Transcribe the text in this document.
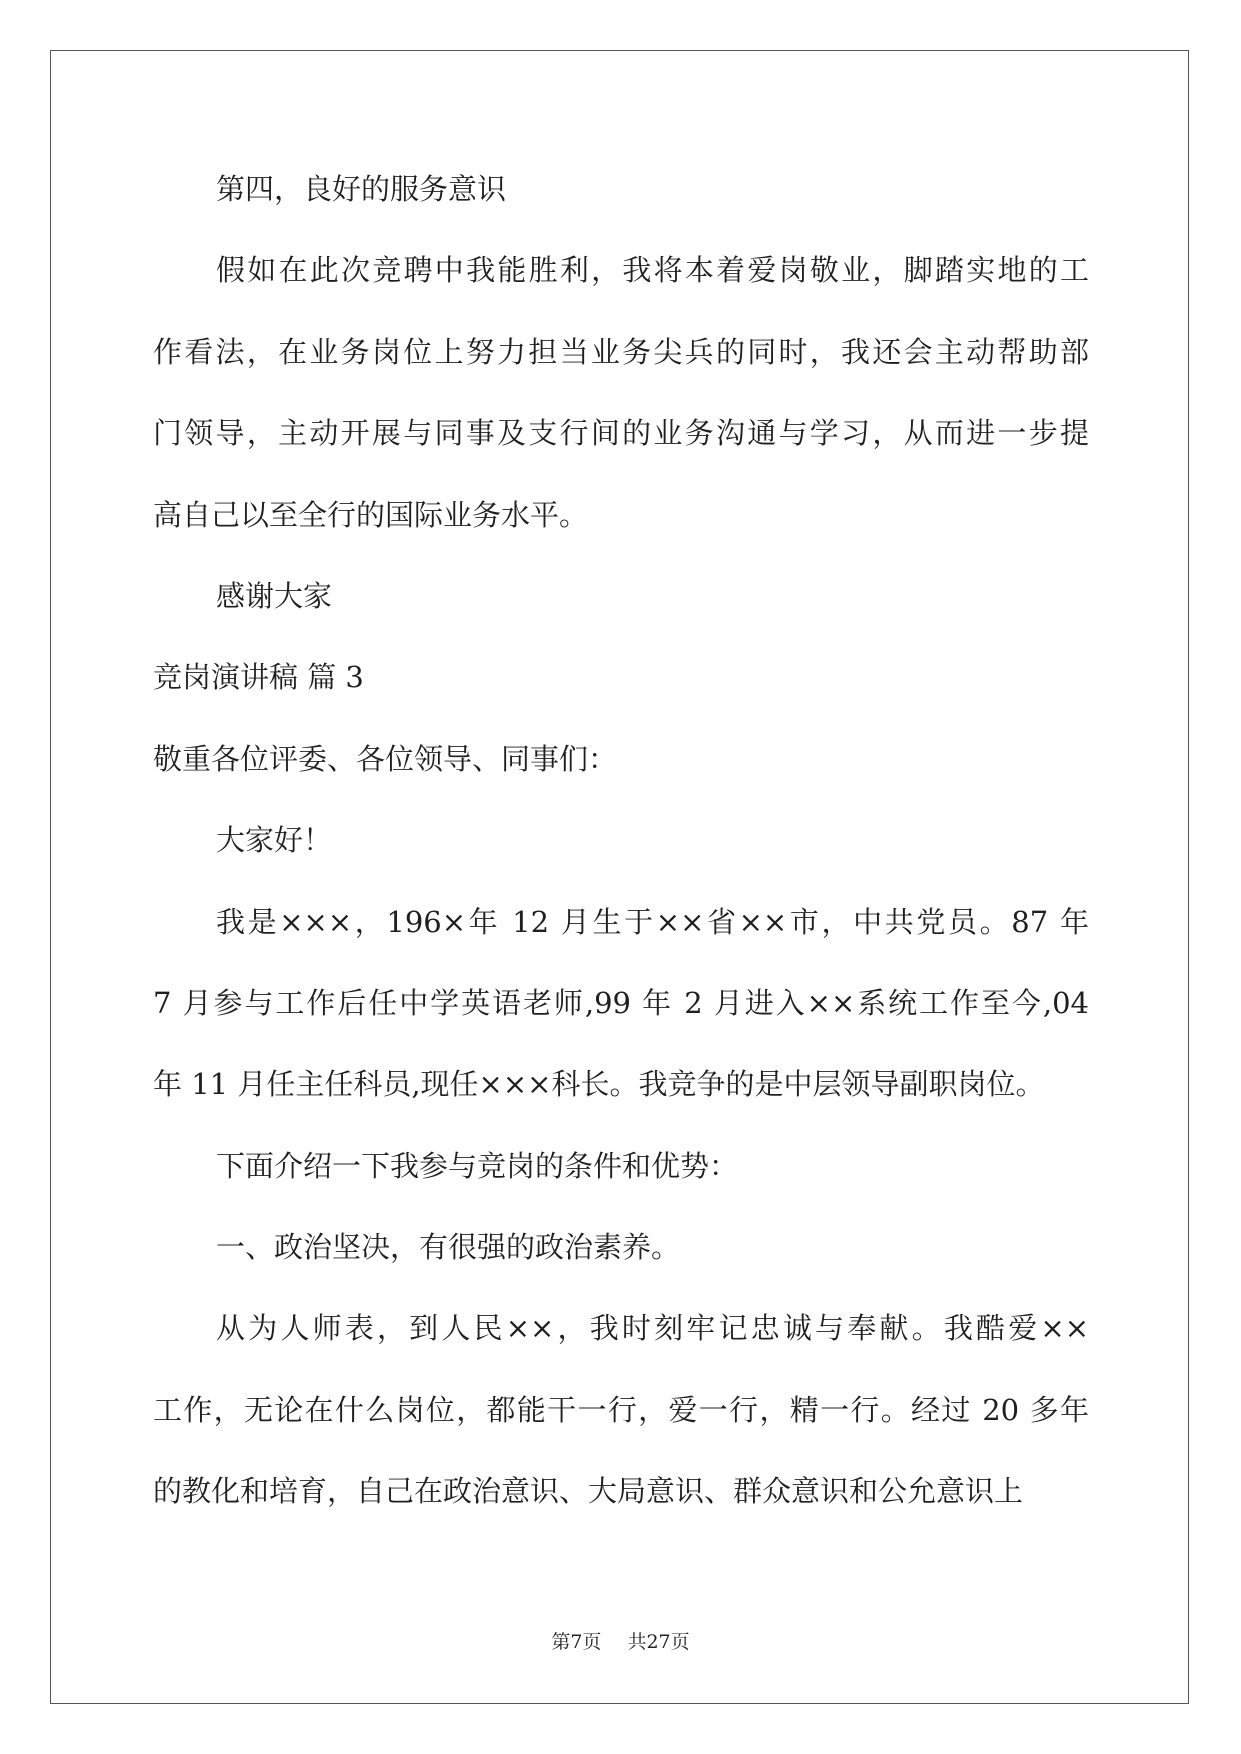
第四，良好的服务意识
假如在此次竞聘中我能胜利，我将本着爱岗敬业，脚踏实地的工
作看法，在业务岗位上努力担当业务尖兵的同时，我还会主动帮助部
门领导，主动开展与同事及支行间的业务沟通与学习，从而进一步提
高自己以至全行的国际业务水平。
感谢大家
竞岗演讲稿 篇 3
敬重各位评委、各位领导、同事们：
大家好！
我是×××，196×年 12 月生于××省××市，中共党员。87 年
7 月参与工作后任中学英语老师,99 年 2 月进入××系统工作至今,04
年 11 月任主任科员,现任×××科长。我竞争的是中层领导副职岗位。
下面介绍一下我参与竞岗的条件和优势：
一、政治坚决，有很强的政治素养。
从为人师表，到人民××，我时刻牢记忠诚与奉献。我酷爱××
工作，无论在什么岗位，都能干一行，爱一行，精一行。经过 20 多年
的教化和培育，自己在政治意识、大局意识、群众意识和公允意识上
第7页 共27页
